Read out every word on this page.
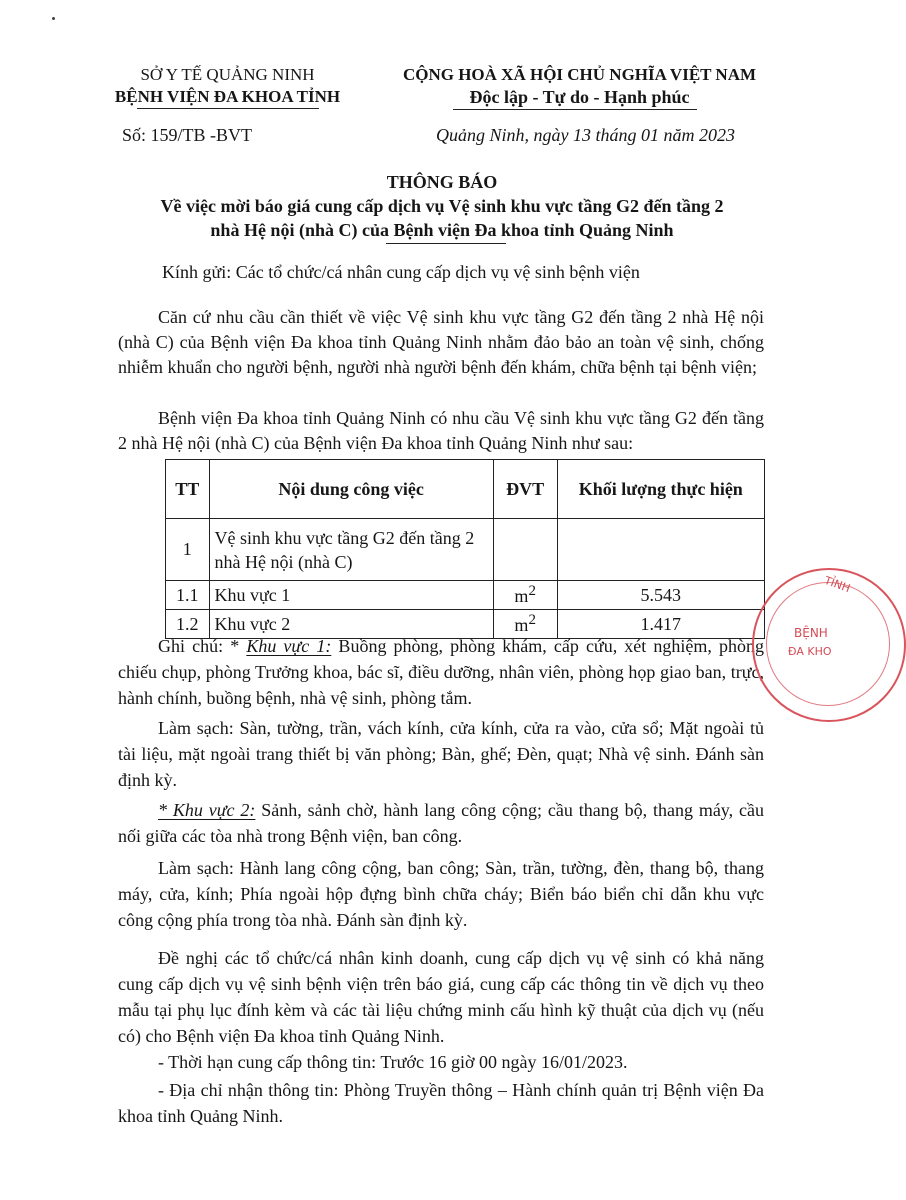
SỞ Y TẾ QUẢNG NINH
BỆNH VIỆN ĐA KHOA TỈNH
CỘNG HOÀ XÃ HỘI CHỦ NGHĨA VIỆT NAM
Độc lập - Tự do - Hạnh phúc
Số: 159/TB -BVT	Quảng Ninh, ngày 13 tháng 01 năm 2023
THÔNG BÁO
Về việc mời báo giá cung cấp dịch vụ Vệ sinh khu vực tầng G2 đến tầng 2
nhà Hệ nội (nhà C) của Bệnh viện Đa khoa tỉnh Quảng Ninh
Kính gửi: Các tổ chức/cá nhân cung cấp dịch vụ vệ sinh bệnh viện
Căn cứ nhu cầu cần thiết về việc Vệ sinh khu vực tầng G2 đến tầng 2 nhà Hệ nội (nhà C) của Bệnh viện Đa khoa tỉnh Quảng Ninh nhằm đảo bảo an toàn vệ sinh, chống nhiễm khuẩn cho người bệnh, người nhà người bệnh đến khám, chữa bệnh tại bệnh viện;
Bệnh viện Đa khoa tỉnh Quảng Ninh có nhu cầu Vệ sinh khu vực tầng G2 đến tầng 2 nhà Hệ nội (nhà C) của Bệnh viện Đa khoa tỉnh Quảng Ninh như sau:
TT	Nội dung công việc	ĐVT	Khối lượng thực hiện
1	Vệ sinh khu vực tầng G2 đến tầng 2 nhà Hệ nội (nhà C)		
1.1	Khu vực 1	$m^2$	5.543
1.2	Khu vực 2	$m^2$	1.417
Ghi chú: * Khu vực 1: Buồng phòng, phòng khám, cấp cứu, xét nghiệm, phòng chiếu chụp, phòng Trưởng khoa, bác sĩ, điều dưỡng, nhân viên, phòng họp giao ban, trực, hành chính, buồng bệnh, nhà vệ sinh, phòng tắm.
Làm sạch: Sàn, tường, trần, vách kính, cửa kính, cửa ra vào, cửa sổ; Mặt ngoài tủ tài liệu, mặt ngoài trang thiết bị văn phòng; Bàn, ghế; Đèn, quạt; Nhà vệ sinh. Đánh sàn định kỳ.
* Khu vực 2: Sảnh, sảnh chờ, hành lang công cộng; cầu thang bộ, thang máy, cầu nối giữa các tòa nhà trong Bệnh viện, ban công.
Làm sạch: Hành lang công cộng, ban công; Sàn, trần, tường, đèn, thang bộ, thang máy, cửa, kính; Phía ngoài hộp đựng bình chữa cháy; Biển báo biển chỉ dẫn khu vực công cộng phía trong tòa nhà. Đánh sàn định kỳ.
Đề nghị các tổ chức/cá nhân kinh doanh, cung cấp dịch vụ vệ sinh có khả năng cung cấp dịch vụ vệ sinh bệnh viện trên báo giá, cung cấp các thông tin về dịch vụ theo mẫu tại phụ lục đính kèm và các tài liệu chứng minh cấu hình kỹ thuật của dịch vụ (nếu có) cho Bệnh viện Đa khoa tỉnh Quảng Ninh.
- Thời hạn cung cấp thông tin: Trước 16 giờ 00 ngày 16/01/2023.
- Địa chỉ nhận thông tin: Phòng Truyền thông – Hành chính quản trị Bệnh viện Đa khoa tỉnh Quảng Ninh.
TỈNH
BỆNH
ĐA KHO
